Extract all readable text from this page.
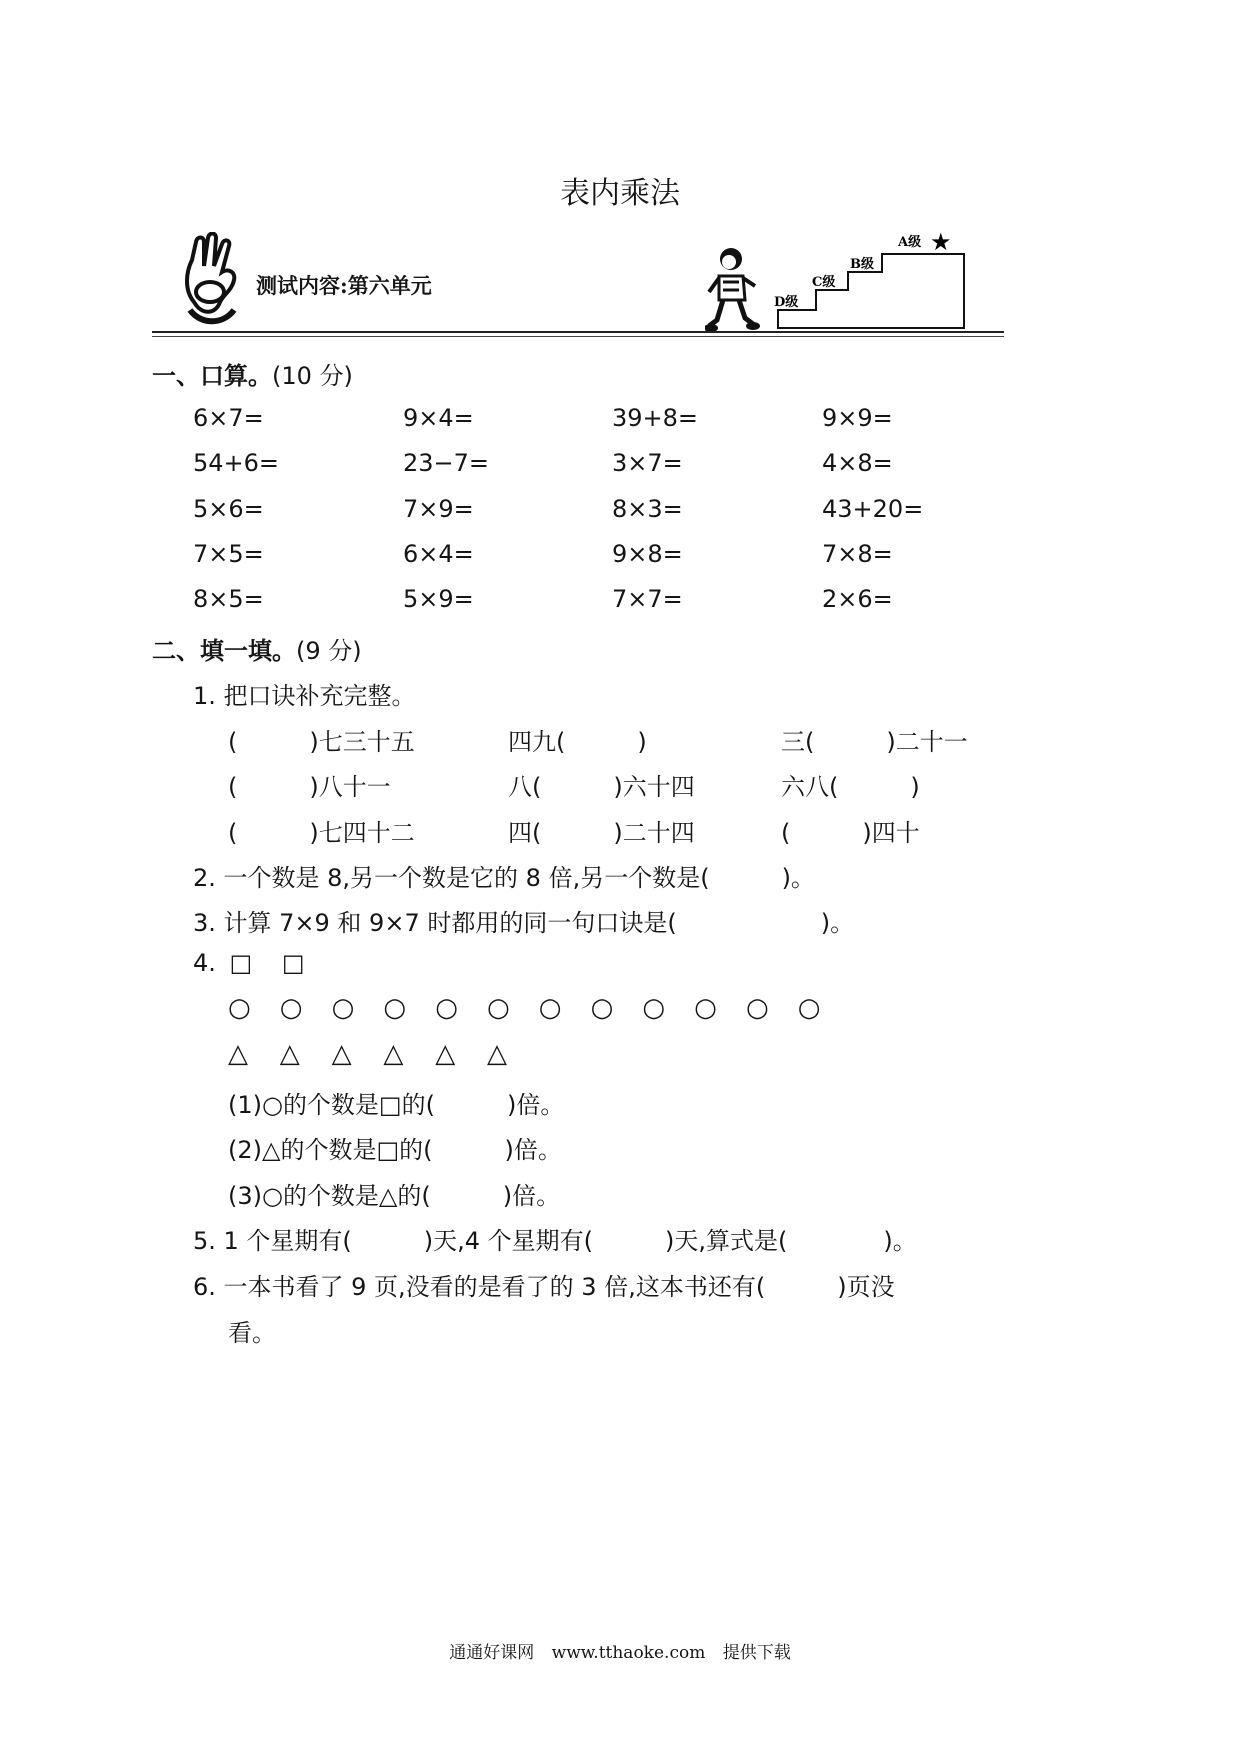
表内乘法
测试内容:第六单元
D级
C级
B级
A级 ★
一、口算。(10 分)
6×7=	9×4=	39+8=	9×9=
54+6=	23−7=	3×7=	4×8=
5×6=	7×9=	8×3=	43+20=
7×5=	6×4=	9×8=	7×8=
8×5=	5×9=	7×7=	2×6=
二、填一填。(9 分)
1. 把口诀补充完整。
(　　　)七三十五	四九(　　　)	三(　　　)二十一
(　　　)八十一	八(　　　)六十四	六八(　　　)
(　　　)七四十二	四(　　　)二十四	(　　　)四十
2. 一个数是 8,另一个数是它的 8 倍,另一个数是(　　　)。
3. 计算 7×9 和 9×7 时都用的同一句口诀是(　　　　　　)。
4. □ □
○ ○ ○ ○ ○ ○ ○ ○ ○ ○ ○ ○
△ △ △ △ △ △
(1)○的个数是□的(　　　)倍。
(2)△的个数是□的(　　　)倍。
(3)○的个数是△的(　　　)倍。
5. 1 个星期有(　　　)天,4 个星期有(　　　)天,算式是(　　　　)。
6. 一本书看了 9 页,没看的是看了的 3 倍,这本书还有(　　　)页没
看。
通通好课网 www.tthaoke.com 提供下载
